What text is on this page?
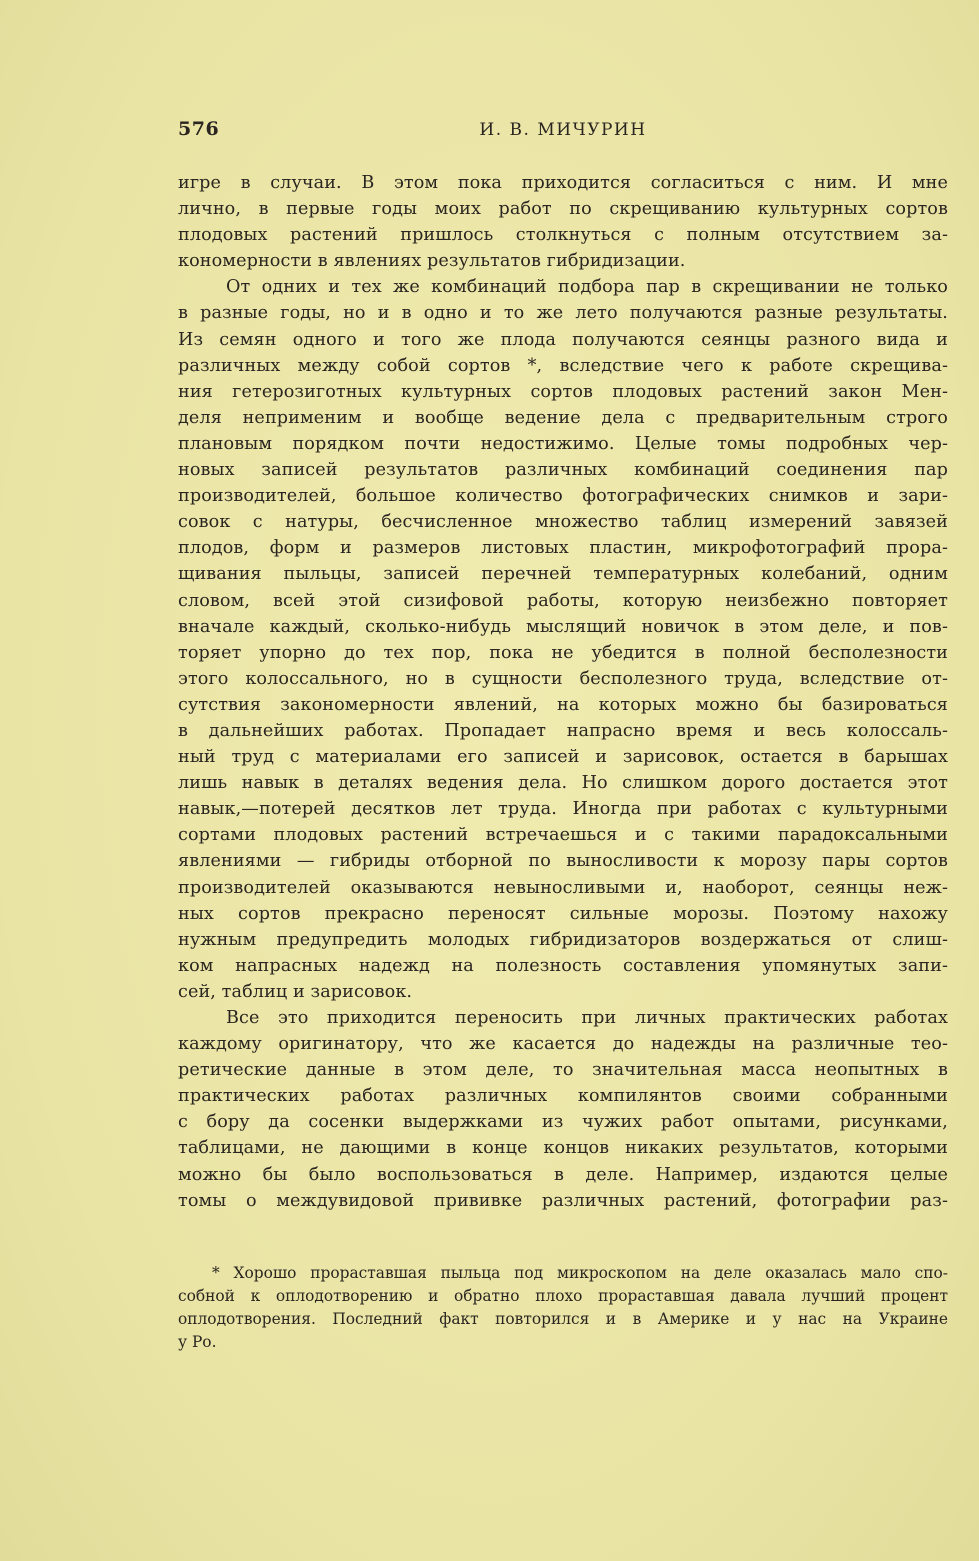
576	И. В. МИЧУРИН
игре в случаи. В этом пока приходится согласиться с ним. И мне
лично, в первые годы моих работ по скрещиванию культурных сортов
плодовых растений пришлось столкнуться с полным отсутствием за-
кономерности в явлениях результатов гибридизации.
От одних и тех же комбинаций подбора пар в скрещивании не только
в разные годы, но и в одно и то же лето получаются разные результаты.
Из семян одного и того же плода получаются сеянцы разного вида и
различных между собой сортов *, вследствие чего к работе скрещива-
ния гетерозиготных культурных сортов плодовых растений закон Мен-
деля неприменим и вообще ведение дела с предварительным строго
плановым порядком почти недостижимо. Целые томы подробных чер-
новых записей результатов различных комбинаций соединения пар
производителей, большое количество фотографических снимков и зари-
совок с натуры, бесчисленное множество таблиц измерений завязей
плодов, форм и размеров листовых пластин, микрофотографий прора-
щивания пыльцы, записей перечней температурных колебаний, одним
словом, всей этой сизифовой работы, которую неизбежно повторяет
вначале каждый, сколько-нибудь мыслящий новичок в этом деле, и пов-
торяет упорно до тех пор, пока не убедится в полной бесполезности
этого колоссального, но в сущности бесполезного труда, вследствие от-
сутствия закономерности явлений, на которых можно бы базироваться
в дальнейших работах. Пропадает напрасно время и весь колоссаль-
ный труд с материалами его записей и зарисовок, остается в барышах
лишь навык в деталях ведения дела. Но слишком дорого достается этот
навык,—потерей десятков лет труда. Иногда при работах с культурными
сортами плодовых растений встречаешься и с такими парадоксальными
явлениями — гибриды отборной по выносливости к морозу пары сортов
производителей оказываются невыносливыми и, наоборот, сеянцы неж-
ных сортов прекрасно переносят сильные морозы. Поэтому нахожу
нужным предупредить молодых гибридизаторов воздержаться от слиш-
ком напрасных надежд на полезность составления упомянутых запи-
сей, таблиц и зарисовок.
Все это приходится переносить при личных практических работах
каждому оригинатору, что же касается до надежды на различные тео-
ретические данные в этом деле, то значительная масса неопытных в
практических работах различных компилянтов своими собранными
с бору да сосенки выдержками из чужих работ опытами, рисунками,
таблицами, не дающими в конце концов никаких результатов, которыми
можно бы было воспользоваться в деле. Например, издаются целые
томы о междувидовой прививке различных растений, фотографии раз-
* Хорошо прораставшая пыльца под микроскопом на деле оказалась мало спо-
собной к оплодотворению и обратно плохо прораставшая давала лучший процент
оплодотворения. Последний факт повторился и в Америке и у нас на Украине
у Ро.
